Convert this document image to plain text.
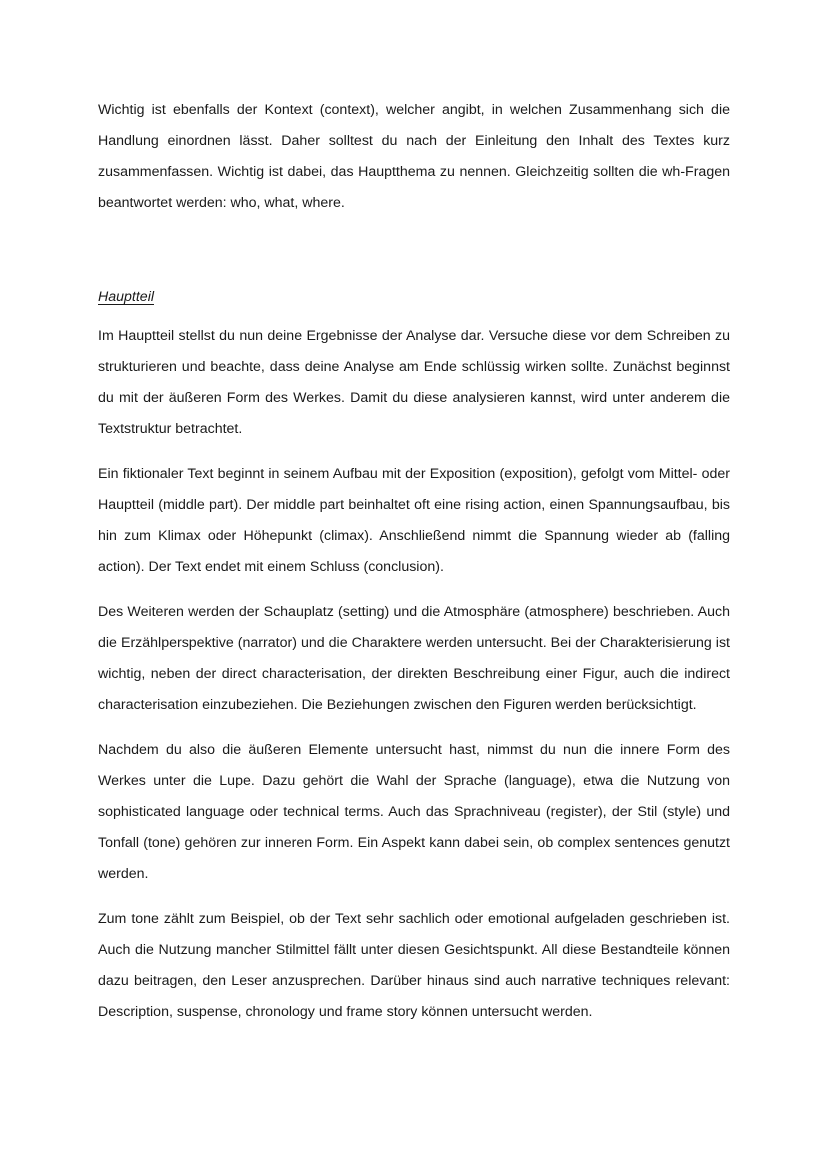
Wichtig ist ebenfalls der Kontext (context), welcher angibt, in welchen Zusammenhang sich die Handlung einordnen lässt. Daher solltest du nach der Einleitung den Inhalt des Textes kurz zusammenfassen. Wichtig ist dabei, das Hauptthema zu nennen. Gleichzeitig sollten die wh-Fragen beantwortet werden: who, what, where.

Hauptteil

Im Hauptteil stellst du nun deine Ergebnisse der Analyse dar. Versuche diese vor dem Schreiben zu strukturieren und beachte, dass deine Analyse am Ende schlüssig wirken sollte. Zunächst beginnst du mit der äußeren Form des Werkes. Damit du diese analysieren kannst, wird unter anderem die Textstruktur betrachtet.

Ein fiktionaler Text beginnt in seinem Aufbau mit der Exposition (exposition), gefolgt vom Mittel- oder Hauptteil (middle part). Der middle part beinhaltet oft eine rising action, einen Spannungsaufbau, bis hin zum Klimax oder Höhepunkt (climax). Anschließend nimmt die Spannung wieder ab (falling action). Der Text endet mit einem Schluss (conclusion).

Des Weiteren werden der Schauplatz (setting) und die Atmosphäre (atmosphere) beschrieben. Auch die Erzählperspektive (narrator) und die Charaktere werden untersucht. Bei der Charakterisierung ist wichtig, neben der direct characterisation, der direkten Beschreibung einer Figur, auch die indirect characterisation einzubeziehen. Die Beziehungen zwischen den Figuren werden berücksichtigt.

Nachdem du also die äußeren Elemente untersucht hast, nimmst du nun die innere Form des Werkes unter die Lupe. Dazu gehört die Wahl der Sprache (language), etwa die Nutzung von sophisticated language oder technical terms. Auch das Sprachniveau (register), der Stil (style) und Tonfall (tone) gehören zur inneren Form. Ein Aspekt kann dabei sein, ob complex sentences genutzt werden.

Zum tone zählt zum Beispiel, ob der Text sehr sachlich oder emotional aufgeladen geschrieben ist. Auch die Nutzung mancher Stilmittel fällt unter diesen Gesichtspunkt. All diese Bestandteile können dazu beitragen, den Leser anzusprechen. Darüber hinaus sind auch narrative techniques relevant: Description, suspense, chronology und frame story können untersucht werden.
